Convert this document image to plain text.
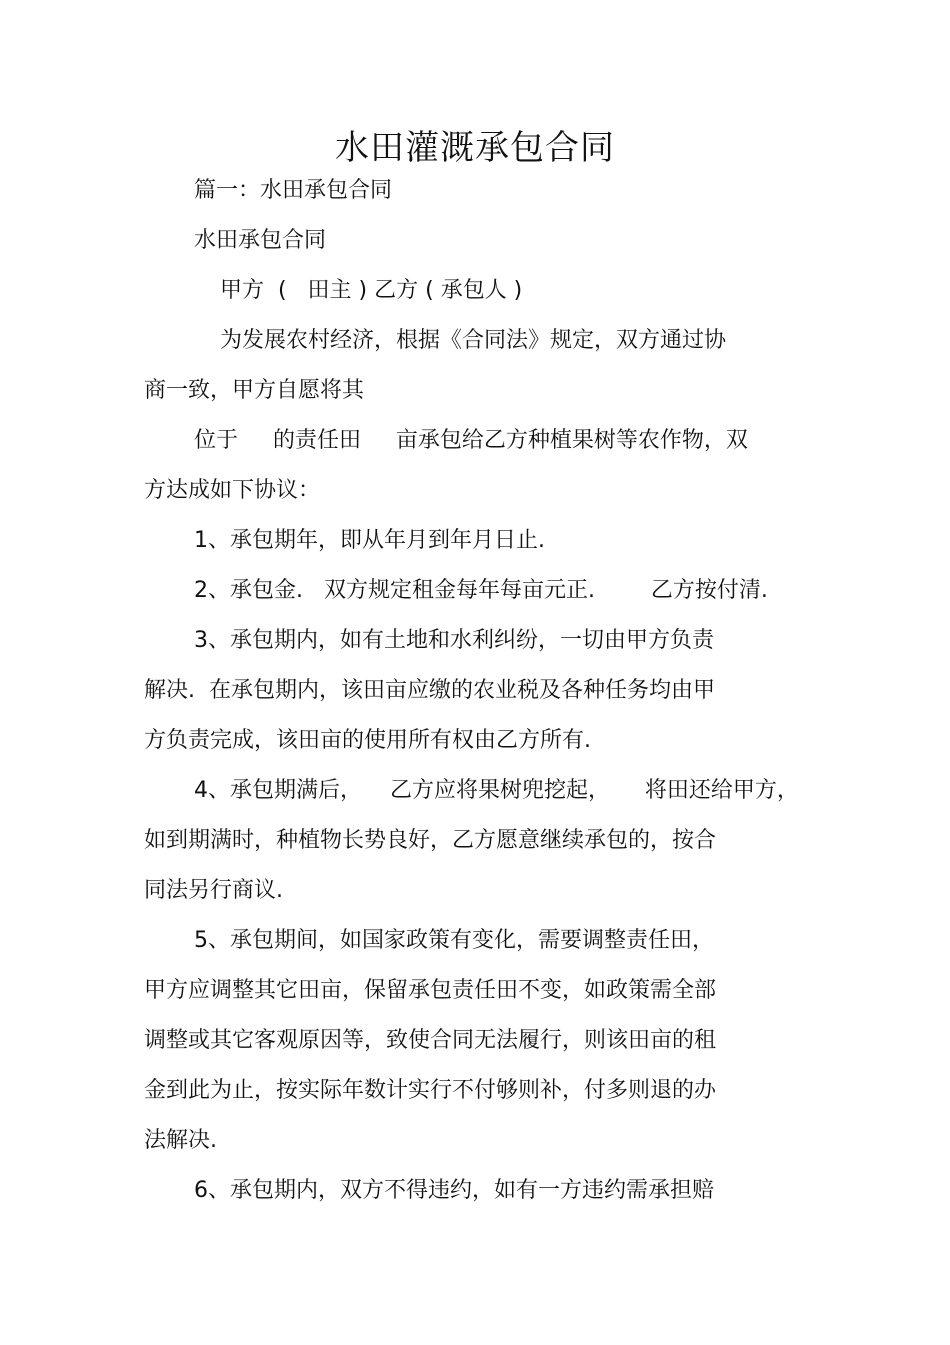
水田灌溉承包合同
篇一：水田承包合同
水田承包合同
甲方  (   田主 ) 乙方 ( 承包人 )
为发展农村经济，根据《合同法》规定，双方通过协
商一致，甲方自愿将其
位于     的责任田     亩承包给乙方种植果树等农作物，双
方达成如下协议：
1、承包期年，即从年月到年月日止.
2、承包金.   双方规定租金每年每亩元正.        乙方按付清.
3、承包期内，如有土地和水利纠纷，一切由甲方负责
解决.  在承包期内，该田亩应缴的农业税及各种任务均由甲
方负责完成，该田亩的使用所有权由乙方所有.
4、承包期满后，    乙方应将果树兜挖起，     将田还给甲方，
如到期满时，种植物长势良好，乙方愿意继续承包的，按合
同法另行商议.
5、承包期间，如国家政策有变化，需要调整责任田，
甲方应调整其它田亩，保留承包责任田不变，如政策需全部
调整或其它客观原因等，致使合同无法履行，则该田亩的租
金到此为止，按实际年数计实行不付够则补，付多则退的办
法解决.
6、承包期内，双方不得违约，如有一方违约需承担赔
